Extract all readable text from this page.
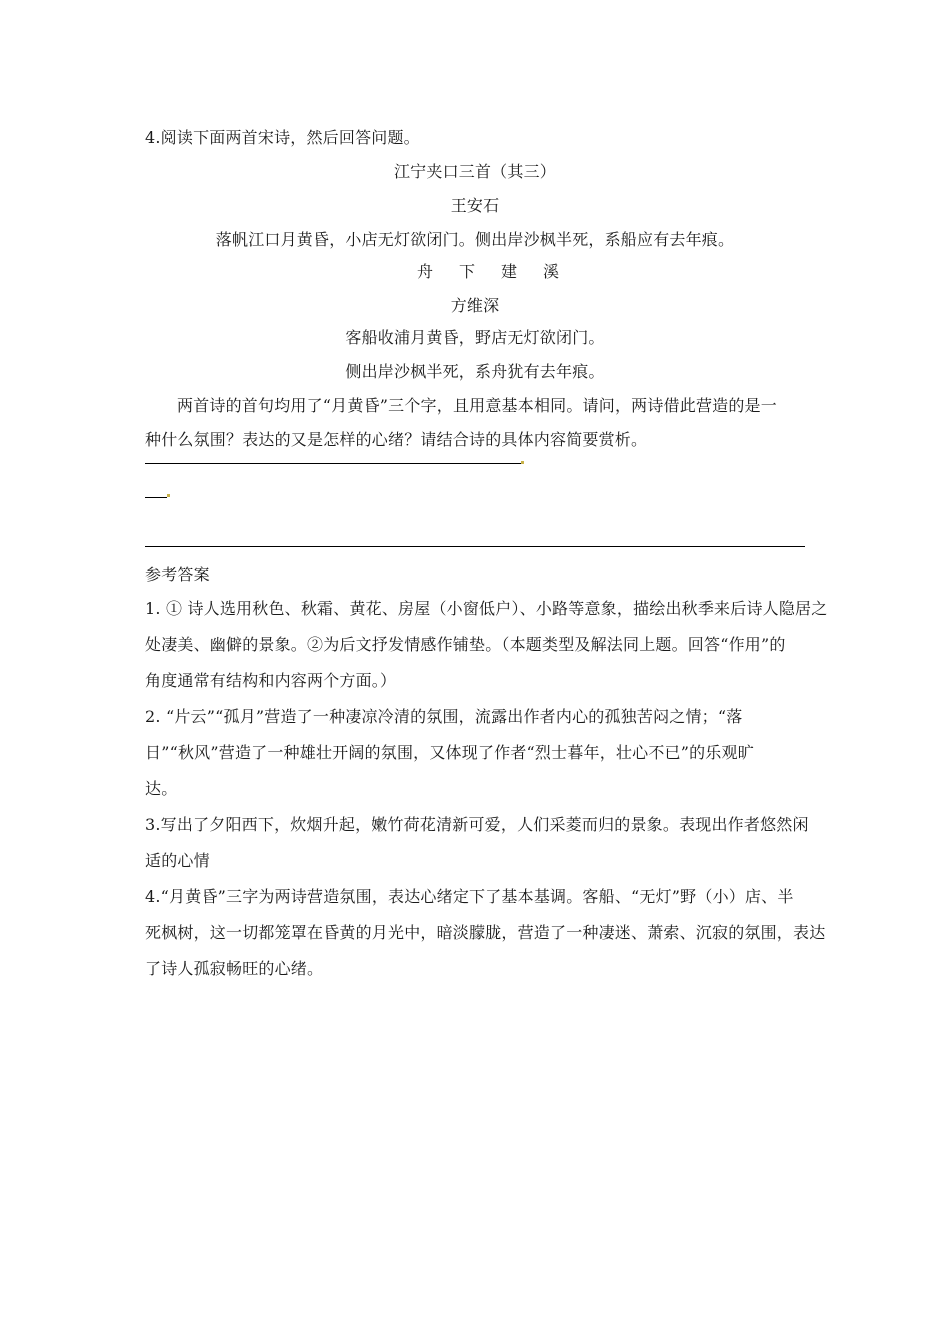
4.阅读下面两首宋诗，然后回答问题。
江宁夹口三首（其三）
王安石
落帆江口月黄昏，小店无灯欲闭门。侧出岸沙枫半死，系船应有去年痕。
舟下建溪
方维深
客船收浦月黄昏，野店无灯欲闭门。
侧出岸沙枫半死，系舟犹有去年痕。
两首诗的首句均用了“月黄昏”三个字，且用意基本相同。请问，两诗借此营造的是一
种什么氛围？表达的又是怎样的心绪？请结合诗的具体内容简要赏析。
参考答案
1. ① 诗人选用秋色、秋霜、黄花、房屋（小窗低户）、小路等意象，描绘出秋季来后诗人隐居之
处凄美、幽僻的景象。②为后文抒发情感作铺垫。（本题类型及解法同上题。回答“作用”的
角度通常有结构和内容两个方面。）
2. “片云”“孤月”营造了一种凄凉冷清的氛围，流露出作者内心的孤独苦闷之情；“落
日”“秋风”营造了一种雄壮开阔的氛围，又体现了作者“烈士暮年，壮心不已”的乐观旷
达。
3.写出了夕阳西下，炊烟升起，嫩竹荷花清新可爱，人们采菱而归的景象。表现出作者悠然闲
适的心情
4.“月黄昏”三字为两诗营造氛围，表达心绪定下了基本基调。客船、“无灯”野（小）店、半
死枫树，这一切都笼罩在昏黄的月光中，暗淡朦胧，营造了一种凄迷、萧索、沉寂的氛围，表达
了诗人孤寂畅旺的心绪。
